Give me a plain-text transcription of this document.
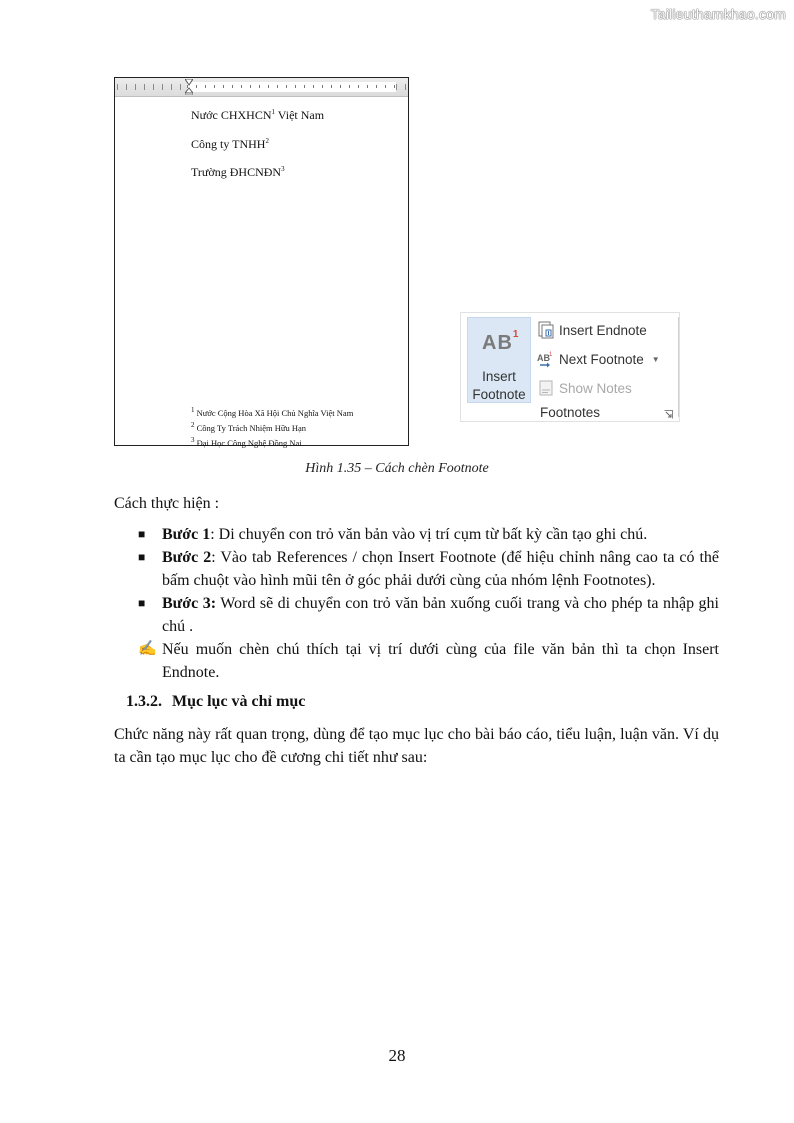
Tailieuthamkhao.com
Nước CHXHCN$^1$ Việt Nam
Công ty TNHH$^2$
Trường ĐHCNĐN$^3$
$^1$ Nước Cộng Hòa Xã Hội Chủ Nghĩa Việt Nam
$^2$ Công Ty Trách Nhiệm Hữu Hạn
$^3$ Đại Học Công Nghệ Đồng Nai
$AB^1$
Insert
Footnote
Insert Endnote
AB 1 Next Footnote ▼
Show Notes
Footnotes
Hình 1.35 – Cách chèn Footnote
Cách thực hiện :
■	Bước 1: Di chuyển con trỏ văn bản vào vị trí cụm từ bất kỳ cần tạo ghi chú.
■	Bước 2: Vào tab References / chọn Insert Footnote (để hiệu chỉnh nâng cao ta có thể bấm chuột vào hình mũi tên ở góc phải dưới cùng của nhóm lệnh Footnotes).
■	Bước 3: Word sẽ di chuyển con trỏ văn bản xuống cuối trang và cho phép ta nhập ghi chú .
✍ Nếu muốn chèn chú thích tại vị trí dưới cùng của file văn bản thì ta chọn Insert Endnote.
1.3.2. Mục lục và chỉ mục
Chức năng này rất quan trọng, dùng để tạo mục lục cho bài báo cáo, tiểu luận, luận văn. Ví dụ ta cần tạo mục lục cho đề cương chi tiết như sau:
28
